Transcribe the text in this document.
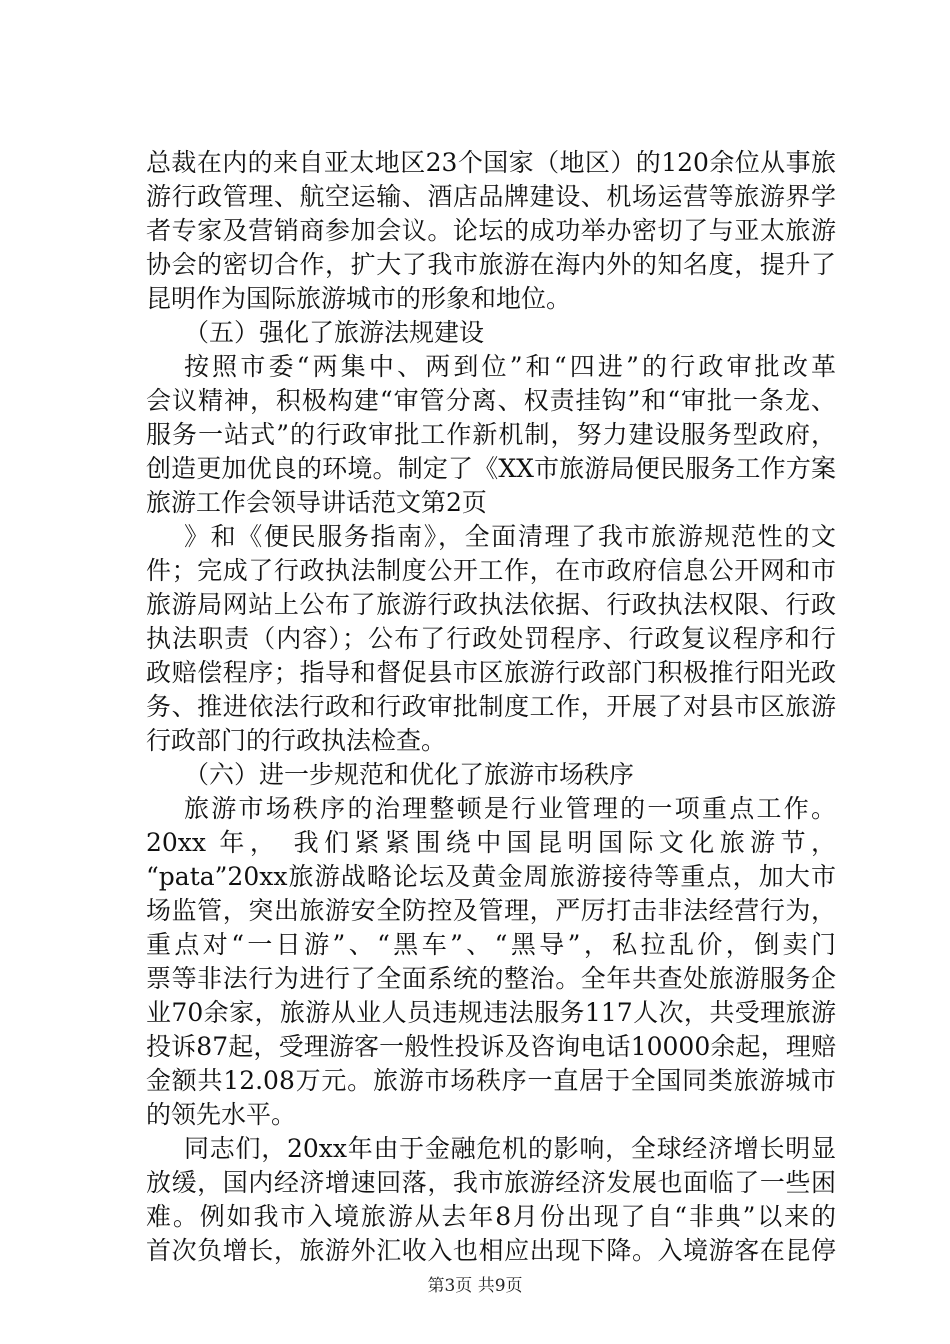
总裁在内的来自亚太地区23个国家（地区）的120余位从事旅
游行政管理、航空运输、酒店品牌建设、机场运营等旅游界学
者专家及营销商参加会议。论坛的成功举办密切了与亚太旅游
协会的密切合作，扩大了我市旅游在海内外的知名度，提升了
昆明作为国际旅游城市的形象和地位。
（五）强化了旅游法规建设
按照市委“两集中、两到位”和“四进”的行政审批改革
会议精神，积极构建“审管分离、权责挂钩”和“审批一条龙、
服务一站式”的行政审批工作新机制，努力建设服务型政府，
创造更加优良的环境。制定了《XX市旅游局便民服务工作方案
旅游工作会领导讲话范文第2页
》和《便民服务指南》，全面清理了我市旅游规范性的文
件；完成了行政执法制度公开工作，在市政府信息公开网和市
旅游局网站上公布了旅游行政执法依据、行政执法权限、行政
执法职责（内容）；公布了行政处罚程序、行政复议程序和行
政赔偿程序；指导和督促县市区旅游行政部门积极推行阳光政
务、推进依法行政和行政审批制度工作，开展了对县市区旅游
行政部门的行政执法检查。
（六）进一步规范和优化了旅游市场秩序
旅游市场秩序的治理整顿是行业管理的一项重点工作。
20xx 年， 我们紧紧围绕中国昆明国际文化旅游节，
“pata”20xx旅游战略论坛及黄金周旅游接待等重点，加大市
场监管，突出旅游安全防控及管理，严厉打击非法经营行为，
重点对“一日游”、“黑车”、“黑导”，私拉乱价，倒卖门
票等非法行为进行了全面系统的整治。全年共查处旅游服务企
业70余家，旅游从业人员违规违法服务117人次，共受理旅游
投诉87起，受理游客一般性投诉及咨询电话10000余起，理赔
金额共12.08万元。旅游市场秩序一直居于全国同类旅游城市
的领先水平。
同志们，20xx年由于金融危机的影响，全球经济增长明显
放缓，国内经济增速回落，我市旅游经济发展也面临了一些困
难。例如我市入境旅游从去年8月份出现了自“非典”以来的
首次负增长，旅游外汇收入也相应出现下降。入境游客在昆停
第3页 共9页
